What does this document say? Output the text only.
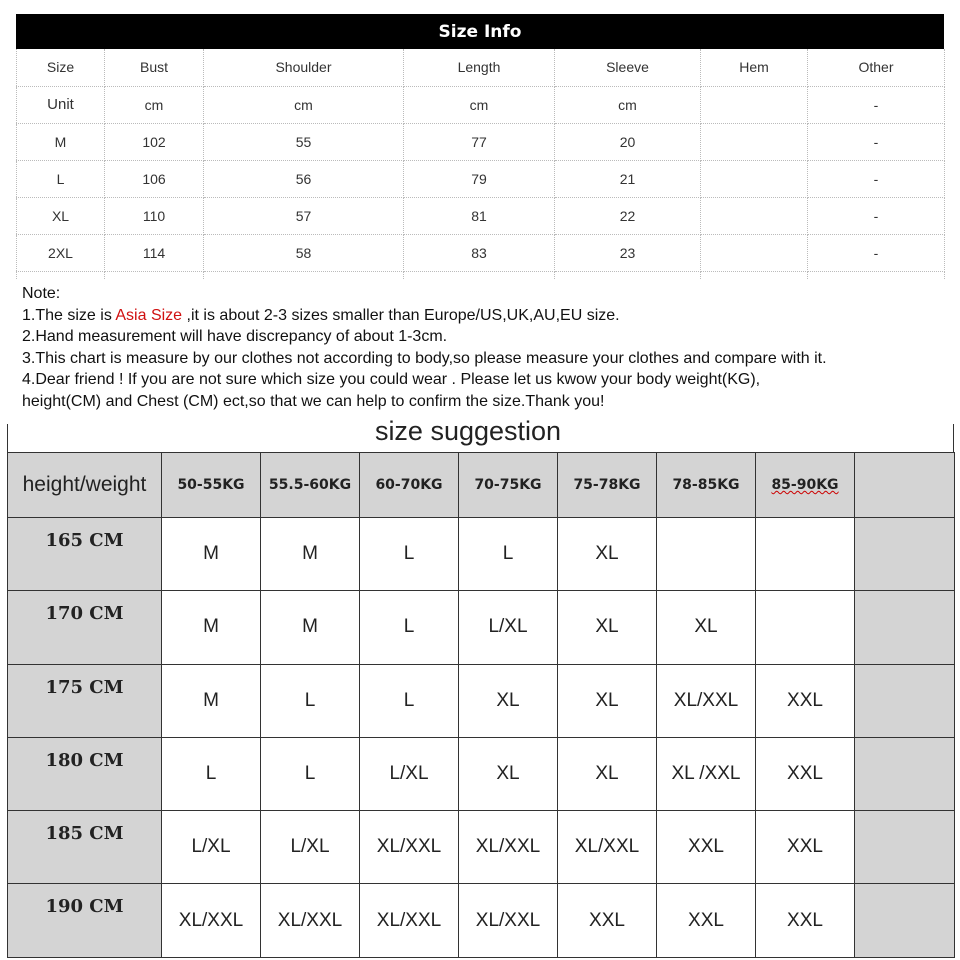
Size Info
Size	Bust	Shoulder	Length	Sleeve	Hem	Other
Unit	cm	cm	cm	cm		-
M	102	55	77	20		-
L	106	56	79	21		-
XL	110	57	81	22		-
2XL	114	58	83	23		-

Note:
1.The size is Asia Size ,it is about 2-3 sizes smaller than Europe/US,UK,AU,EU size.
2.Hand measurement will have discrepancy of about 1-3cm.
3.This chart is measure by our clothes not according to body,so please measure your clothes and compare with it.
4.Dear friend ! If you are not sure which size you could wear . Please let us kwow your body weight(KG),
height(CM) and Chest (CM) ect,so that we can help to confirm the size.Thank you!
size suggestion
height/weight	50-55KG	55.5-60KG	60-70KG	70-75KG	75-78KG	78-85KG	85-90KG	
165 CM	M	M	L	L	XL			
170 CM	M	M	L	L/XL	XL	XL		
175 CM	M	L	L	XL	XL	XL/XXL	XXL	
180 CM	L	L	L/XL	XL	XL	XL /XXL	XXL	
185 CM	L/XL	L/XL	XL/XXL	XL/XXL	XL/XXL	XXL	XXL	
190 CM	XL/XXL	XL/XXL	XL/XXL	XL/XXL	XXL	XXL	XXL	
